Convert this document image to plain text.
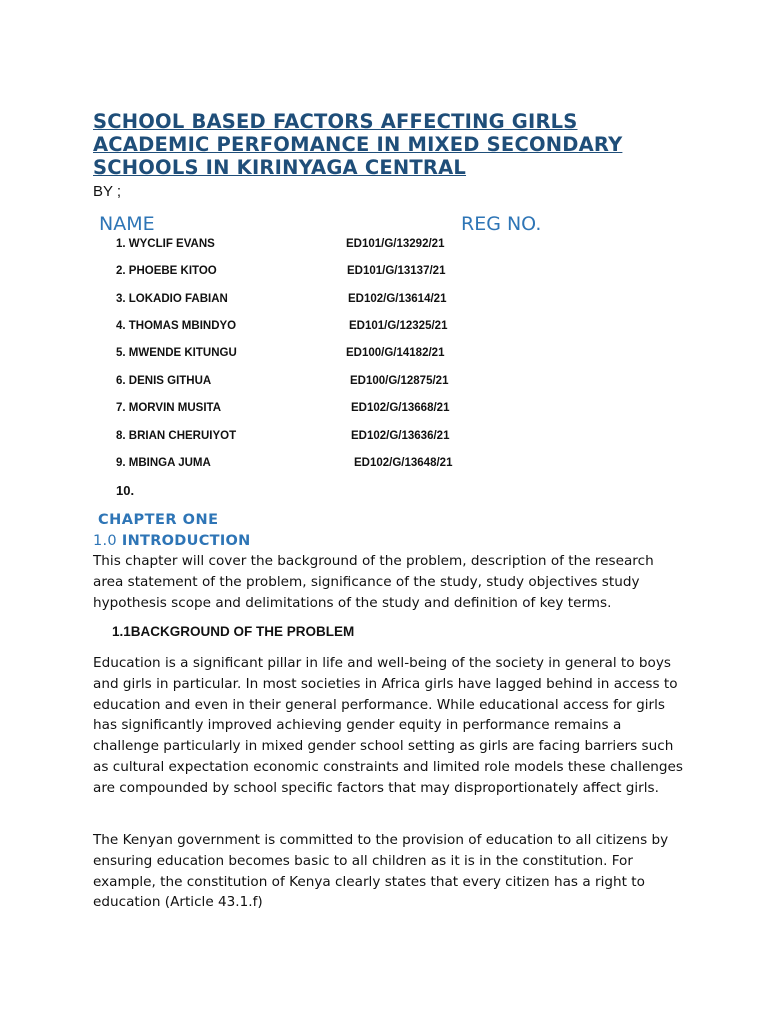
SCHOOL BASED FACTORS AFFECTING GIRLS
ACADEMIC PERFOMANCE IN MIXED SECONDARY
SCHOOLS IN KIRINYAGA CENTRAL
BY ;
NAME	REG NO.
1. WYCLIF EVANS	ED101/G/13292/21
2. PHOEBE KITOO	ED101/G/13137/21
3. LOKADIO FABIAN	ED102/G/13614/21
4. THOMAS MBINDYO	ED101/G/12325/21
5. MWENDE KITUNGU	ED100/G/14182/21
6. DENIS GITHUA	ED100/G/12875/21
7. MORVIN MUSITA	ED102/G/13668/21
8. BRIAN CHERUIYOT	ED102/G/13636/21
9. MBINGA JUMA	ED102/G/13648/21
10.
CHAPTER ONE
1.0 INTRODUCTION
This chapter will cover the background of the problem, description of the research area statement of the problem, significance of the study, study objectives study hypothesis scope and delimitations of the study and definition of key terms.
1.1BACKGROUND OF THE PROBLEM
Education is a significant pillar in life and well-being of the society in general to boys and girls in particular. In most societies in Africa girls have lagged behind in access to education and even in their general performance. While educational access for girls has significantly improved achieving gender equity in performance remains a challenge particularly in mixed gender school setting as girls are facing barriers such as cultural expectation economic constraints and limited role models these challenges are compounded by school specific factors that may disproportionately affect girls.
The Kenyan government is committed to the provision of education to all citizens by ensuring education becomes basic to all children as it is in the constitution. For example, the constitution of Kenya clearly states that every citizen has a right to education (Article 43.1.f)
